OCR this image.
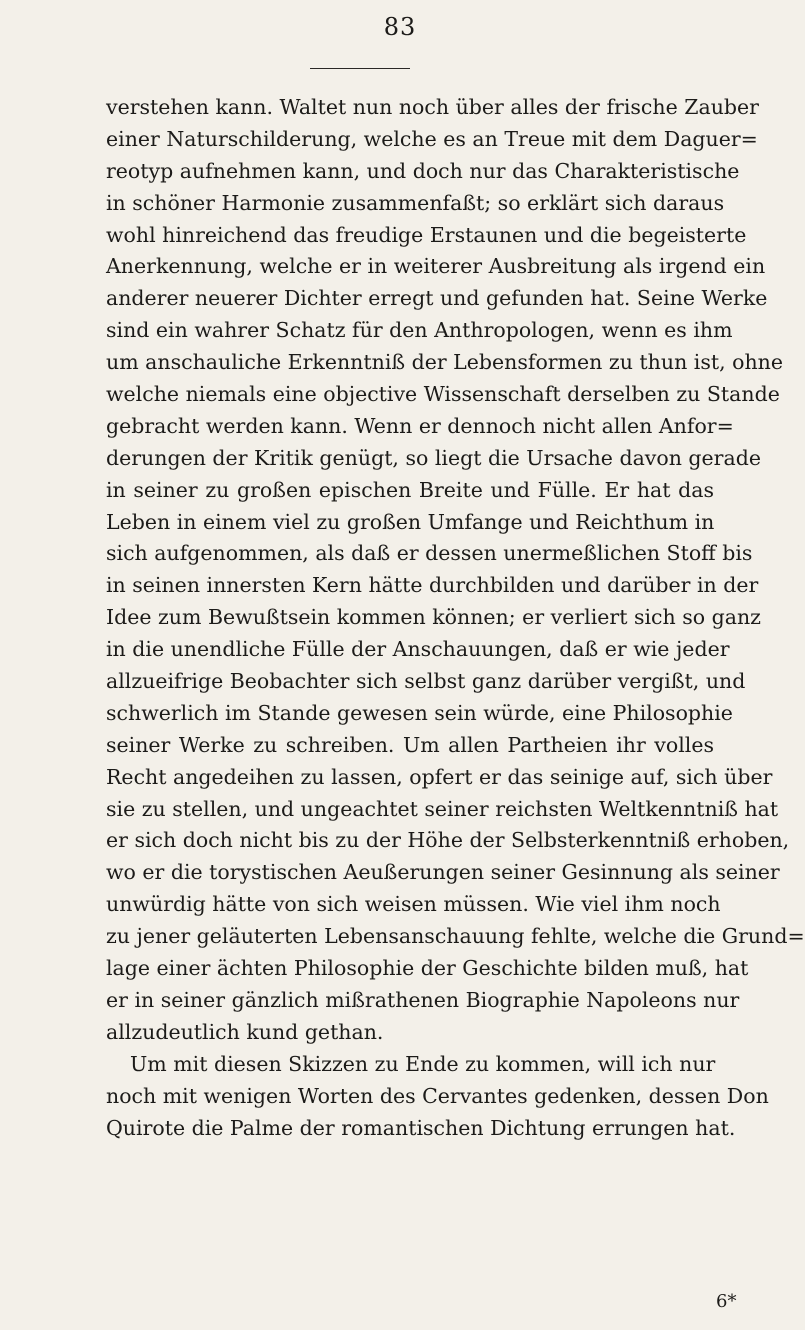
83
verstehen kann. Waltet nun noch über alles der frische Zauber
einer Naturschilderung, welche es an Treue mit dem Daguer=
reotyp aufnehmen kann, und doch nur das Charakteristische
in schöner Harmonie zusammenfaßt; so erklärt sich daraus
wohl hinreichend das freudige Erstaunen und die begeisterte
Anerkennung, welche er in weiterer Ausbreitung als irgend ein
anderer neuerer Dichter erregt und gefunden hat. Seine Werke
sind ein wahrer Schatz für den Anthropologen, wenn es ihm
um anschauliche Erkenntniß der Lebensformen zu thun ist, ohne
welche niemals eine objective Wissenschaft derselben zu Stande
gebracht werden kann. Wenn er dennoch nicht allen Anfor=
derungen der Kritik genügt, so liegt die Ursache davon gerade
in seiner zu großen epischen Breite und Fülle. Er hat das
Leben in einem viel zu großen Umfange und Reichthum in
sich aufgenommen, als daß er dessen unermeßlichen Stoff bis
in seinen innersten Kern hätte durchbilden und darüber in der
Idee zum Bewußtsein kommen können; er verliert sich so ganz
in die unendliche Fülle der Anschauungen, daß er wie jeder
allzueifrige Beobachter sich selbst ganz darüber vergißt, und
schwerlich im Stande gewesen sein würde, eine Philosophie
seiner Werke zu schreiben. Um allen Partheien ihr volles
Recht angedeihen zu lassen, opfert er das seinige auf, sich über
sie zu stellen, und ungeachtet seiner reichsten Weltkenntniß hat
er sich doch nicht bis zu der Höhe der Selbsterkenntniß erhoben,
wo er die torystischen Aeußerungen seiner Gesinnung als seiner
unwürdig hätte von sich weisen müssen. Wie viel ihm noch
zu jener geläuterten Lebensanschauung fehlte, welche die Grund=
lage einer ächten Philosophie der Geschichte bilden muß, hat
er in seiner gänzlich mißrathenen Biographie Napoleons nur
allzudeutlich kund gethan.
Um mit diesen Skizzen zu Ende zu kommen, will ich nur
noch mit wenigen Worten des Cervantes gedenken, dessen Don
Quirote die Palme der romantischen Dichtung errungen hat.
6*
